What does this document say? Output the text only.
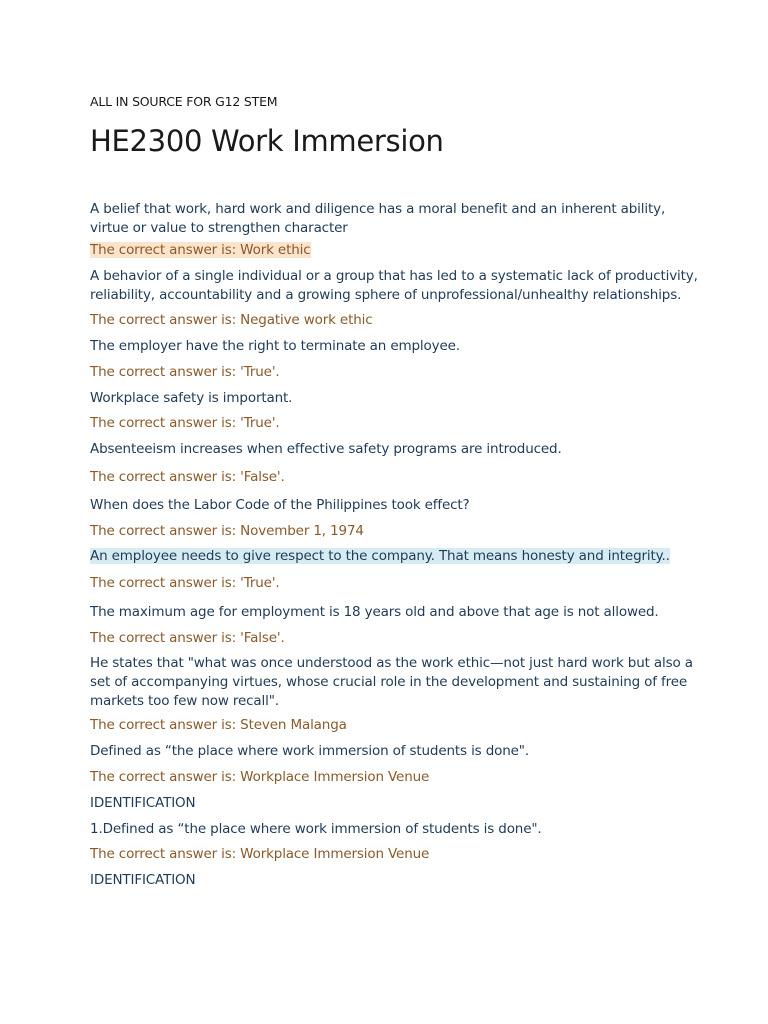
ALL IN SOURCE FOR G12 STEM
HE2300 Work Immersion
A belief that work, hard work and diligence has a moral benefit and an inherent ability,
virtue or value to strengthen character
The correct answer is: Work ethic
A behavior of a single individual or a group that has led to a systematic lack of productivity,
reliability, accountability and a growing sphere of unprofessional/unhealthy relationships.
The correct answer is: Negative work ethic
The employer have the right to terminate an employee.
The correct answer is: 'True'.
Workplace safety is important.
The correct answer is: 'True'.
Absenteeism increases when effective safety programs are introduced.
The correct answer is: 'False'.
When does the Labor Code of the Philippines took effect?
The correct answer is: November 1, 1974
An employee needs to give respect to the company. That means honesty and integrity..
The correct answer is: 'True'.
The maximum age for employment is 18 years old and above that age is not allowed.
The correct answer is: 'False'.
He states that "what was once understood as the work ethic—not just hard work but also a
set of accompanying virtues, whose crucial role in the development and sustaining of free
markets too few now recall".
The correct answer is: Steven Malanga
Defined as “the place where work immersion of students is done".
The correct answer is: Workplace Immersion Venue
IDENTIFICATION
1.Defined as “the place where work immersion of students is done".
The correct answer is: Workplace Immersion Venue
IDENTIFICATION
